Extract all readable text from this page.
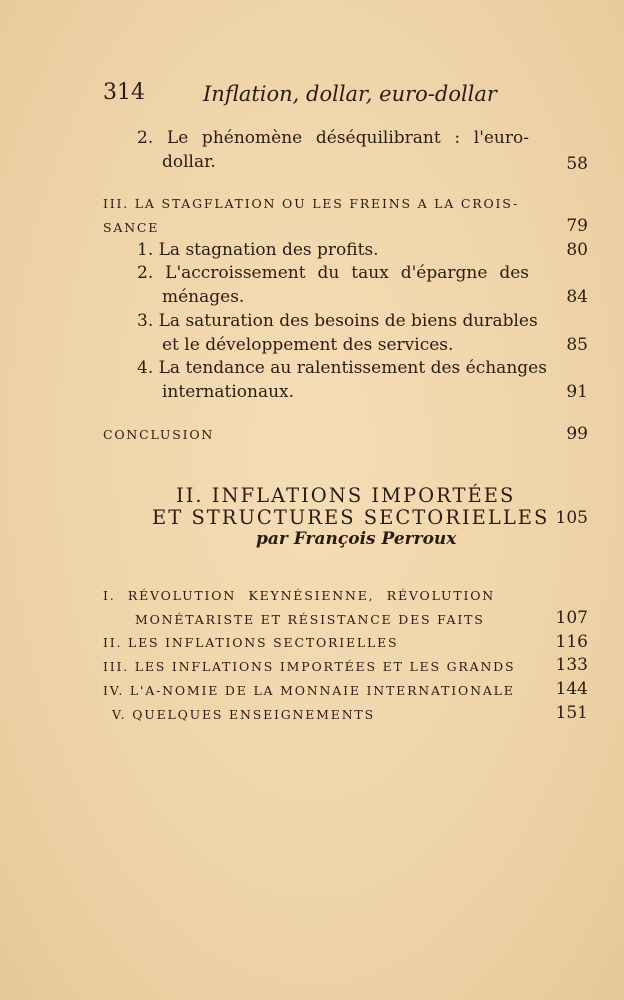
314	Inflation, dollar, euro-dollar
2. Le phénomène déséquilibrant : l'euro-
dollar.	58
III. LA STAGFLATION OU LES FREINS A LA CROIS-
SANCE	79
1. La stagnation des profits.	80
2. L'accroissement du taux d'épargne des
ménages.	84
3. La saturation des besoins de biens durables
et le développement des services.	85
4. La tendance au ralentissement des échanges
internationaux.	91
CONCLUSION	99
II. INFLATIONS IMPORTÉES
ET STRUCTURES SECTORIELLES 105
par François Perroux
I. RÉVOLUTION KEYNÉSIENNE, RÉVOLUTION
MONÉTARISTE ET RÉSISTANCE DES FAITS	107
II. LES INFLATIONS SECTORIELLES	116
III. LES INFLATIONS IMPORTÉES ET LES GRANDS 133
IV. L'A-NOMIE DE LA MONNAIE INTERNATIONALE 144
V. QUELQUES ENSEIGNEMENTS	151
